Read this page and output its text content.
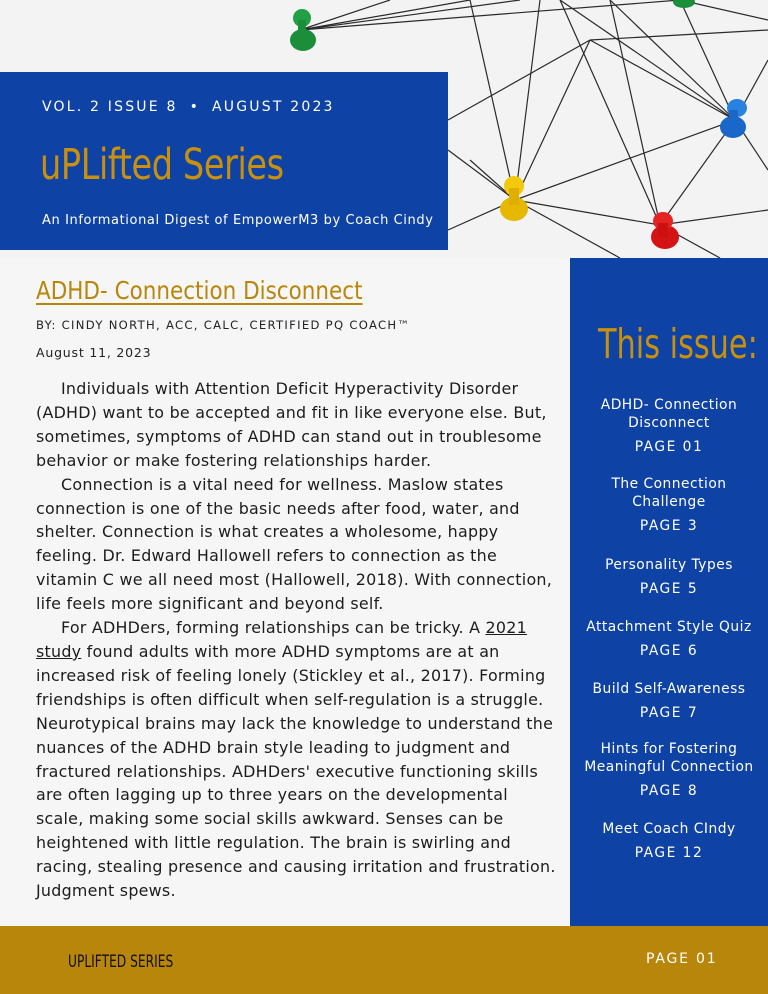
VOL. 2 ISSUE 8 • AUGUST 2023
uPLifted Series
An Informational Digest of EmpowerM3 by Coach Cindy
ADHD- Connection Disconnect
BY: CINDY NORTH, ACC, CALC, CERTIFIED PQ COACH™
August 11, 2023

Individuals with Attention Deficit Hyperactivity Disorder (ADHD) want to be accepted and fit in like everyone else. But, sometimes, symptoms of ADHD can stand out in troublesome behavior or make fostering relationships harder.

Connection is a vital need for wellness. Maslow states connection is one of the basic needs after food, water, and shelter. Connection is what creates a wholesome, happy feeling. Dr. Edward Hallowell refers to connection as the vitamin C we all need most (Hallowell, 2018). With connection, life feels more significant and beyond self.

For ADHDers, forming relationships can be tricky. A 2021 study found adults with more ADHD symptoms are at an increased risk of feeling lonely (Stickley et al., 2017). Forming friendships is often difficult when self-regulation is a struggle. Neurotypical brains may lack the knowledge to understand the nuances of the ADHD brain style leading to judgment and fractured relationships. ADHDers' executive functioning skills are often lagging up to three years on the developmental scale, making some social skills awkward. Senses can be heightened with little regulation. The brain is swirling and racing, stealing presence and causing irritation and frustration. Judgment spews.

This issue:
ADHD- Connection Disconnect
PAGE 01
The Connection Challenge
PAGE 3
Personality Types
PAGE 5
Attachment Style Quiz
PAGE 6
Build Self-Awareness
PAGE 7
Hints for Fostering Meaningful Connection
PAGE 8
Meet Coach CIndy
PAGE 12
UPLIFTED SERIES	PAGE 01
